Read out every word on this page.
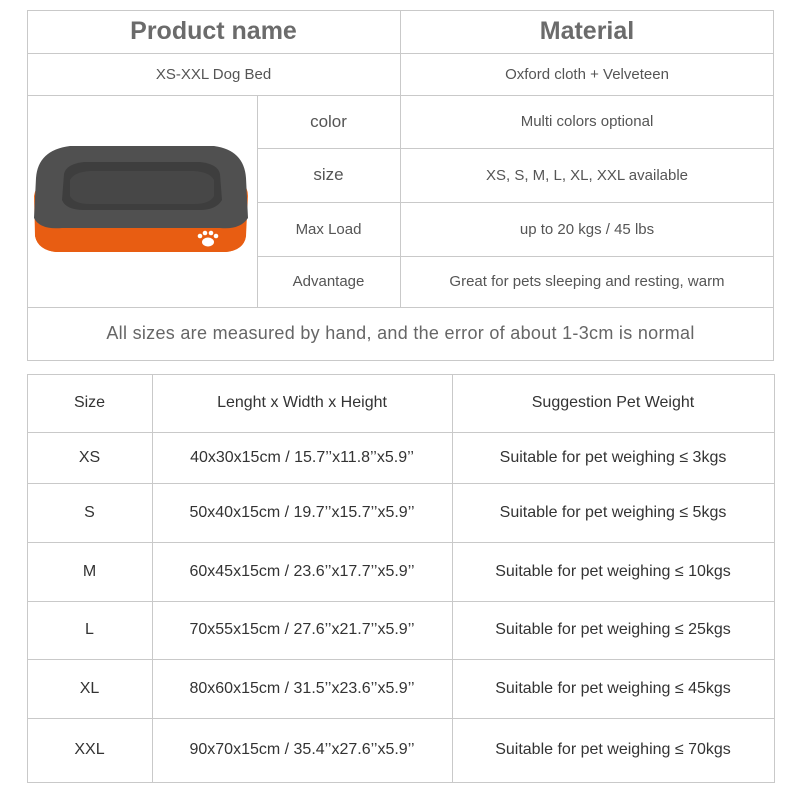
Product name	Material
XS-XXL Dog Bed	Oxford cloth + Velveteen
color	Multi colors optional
size	XS, S, M, L, XL, XXL available
Max Load	up to 20 kgs / 45 lbs
Advantage	Great for pets sleeping and resting, warm
All sizes are measured by hand, and the error of about 1-3cm is normal
Size	Lenght x Width x Height	Suggestion Pet Weight
XS	40x30x15cm / 15.7’’x11.8’’x5.9’’	Suitable for pet weighing ≤ 3kgs
S	50x40x15cm / 19.7’’x15.7’’x5.9’’	Suitable for pet weighing ≤ 5kgs
M	60x45x15cm / 23.6’’x17.7’’x5.9’’	Suitable for pet weighing ≤ 10kgs
L	70x55x15cm / 27.6’’x21.7’’x5.9’’	Suitable for pet weighing ≤ 25kgs
XL	80x60x15cm / 31.5’’x23.6’’x5.9’’	Suitable for pet weighing ≤ 45kgs
XXL	90x70x15cm / 35.4’’x27.6’’x5.9’’	Suitable for pet weighing ≤ 70kgs
